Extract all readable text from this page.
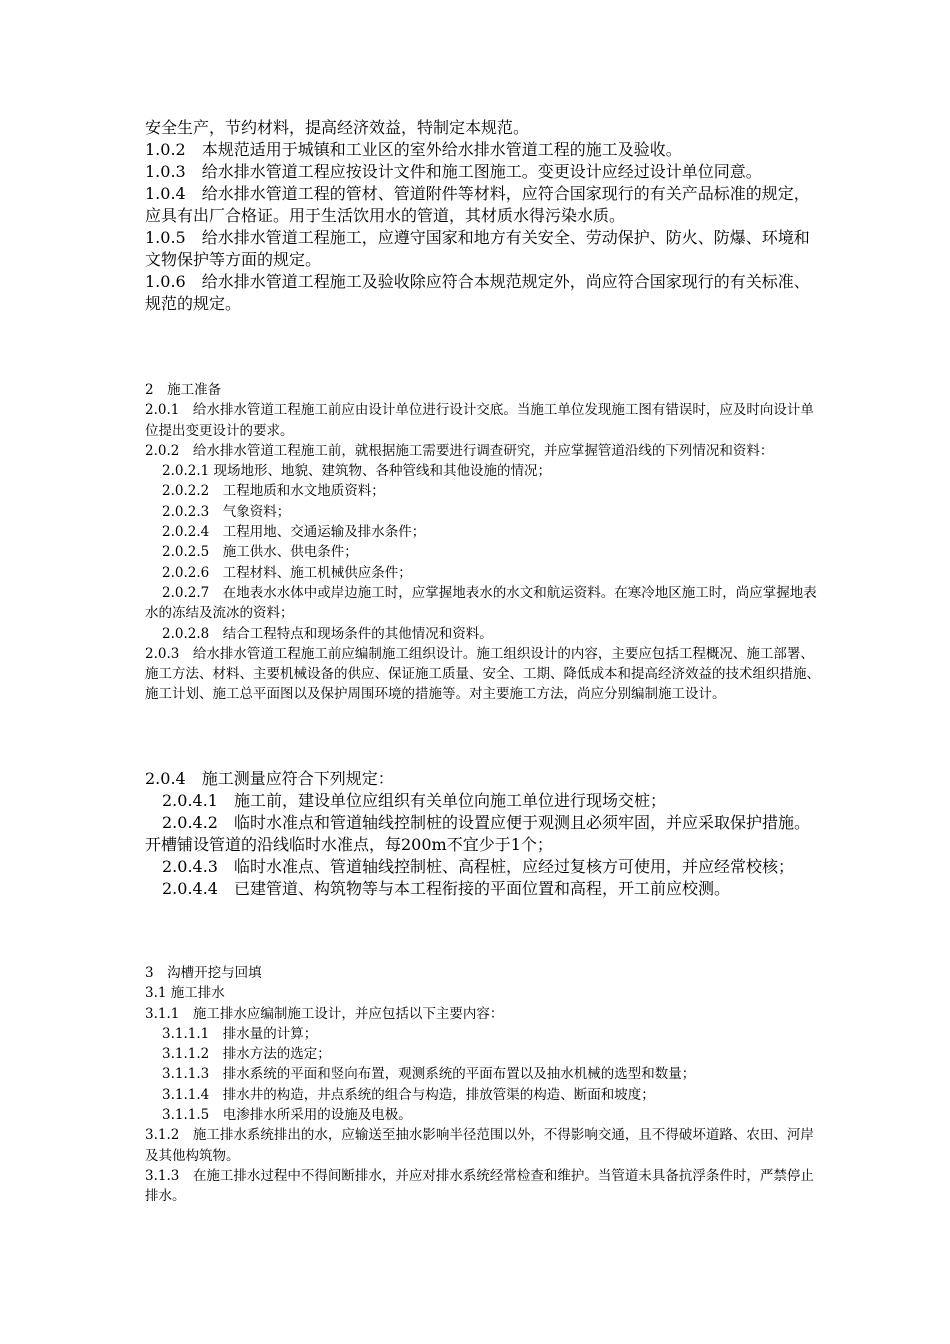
安全生产，节约材料，提高经济效益，特制定本规范。

1.0.2　本规范适用于城镇和工业区的室外给水排水管道工程的施工及验收。

1.0.3　给水排水管道工程应按设计文件和施工图施工。变更设计应经过设计单位同意。

1.0.4　给水排水管道工程的管材、管道附件等材料，应符合国家现行的有关产品标准的规定，应具有出厂合格证。用于生活饮用水的管道，其材质水得污染水质。

1.0.5　给水排水管道工程施工，应遵守国家和地方有关安全、劳动保护、防火、防爆、环境和文物保护等方面的规定。

1.0.6　给水排水管道工程施工及验收除应符合本规范规定外，尚应符合国家现行的有关标准、规范的规定。

2　施工准备

2.0.1　给水排水管道工程施工前应由设计单位进行设计交底。当施工单位发现施工图有错误时，应及时向设计单位提出变更设计的要求。

2.0.2　给水排水管道工程施工前，就根据施工需要进行调查研究，并应掌握管道沿线的下列情况和资料：

2.0.2.1 现场地形、地貌、建筑物、各种管线和其他设施的情况；

2.0.2.2　工程地质和水文地质资料；

2.0.2.3　气象资料；

2.0.2.4　工程用地、交通运输及排水条件；

2.0.2.5　施工供水、供电条件；

2.0.2.6　工程材料、施工机械供应条件；

2.0.2.7　在地表水水体中或岸边施工时，应掌握地表水的水文和航运资料。在寒冷地区施工时，尚应掌握地表水的冻结及流冰的资料；

2.0.2.8　结合工程特点和现场条件的其他情况和资料。

2.0.3　给水排水管道工程施工前应编制施工组织设计。施工组织设计的内容，主要应包括工程概况、施工部署、施工方法、材料、主要机械设备的供应、保证施工质量、安全、工期、降低成本和提高经济效益的技术组织措施、施工计划、施工总平面图以及保护周围环境的措施等。对主要施工方法，尚应分别编制施工设计。

2.0.4　施工测量应符合下列规定：

2.0.4.1　施工前，建设单位应组织有关单位向施工单位进行现场交桩；

2.0.4.2　临时水准点和管道轴线控制桩的设置应便于观测且必须牢固，并应采取保护措施。开槽铺设管道的沿线临时水准点，每200m不宜少于1个；

2.0.4.3　临时水准点、管道轴线控制桩、高程桩，应经过复核方可使用，并应经常校核；

2.0.4.4　已建管道、构筑物等与本工程衔接的平面位置和高程，开工前应校测。

3　沟槽开挖与回填

3.1 施工排水

3.1.1　施工排水应编制施工设计，并应包括以下主要内容：

3.1.1.1　排水量的计算；

3.1.1.2　排水方法的选定；

3.1.1.3　排水系统的平面和竖向布置，观测系统的平面布置以及抽水机械的选型和数量；

3.1.1.4　排水井的构造，井点系统的组合与构造，排放管渠的构造、断面和坡度；

3.1.1.5　电渗排水所采用的设施及电极。

3.1.2　施工排水系统排出的水，应输送至抽水影响半径范围以外，不得影响交通，且不得破坏道路、农田、河岸及其他构筑物。

3.1.3　在施工排水过程中不得间断排水，并应对排水系统经常检查和维护。当管道未具备抗浮条件时，严禁停止排水。
